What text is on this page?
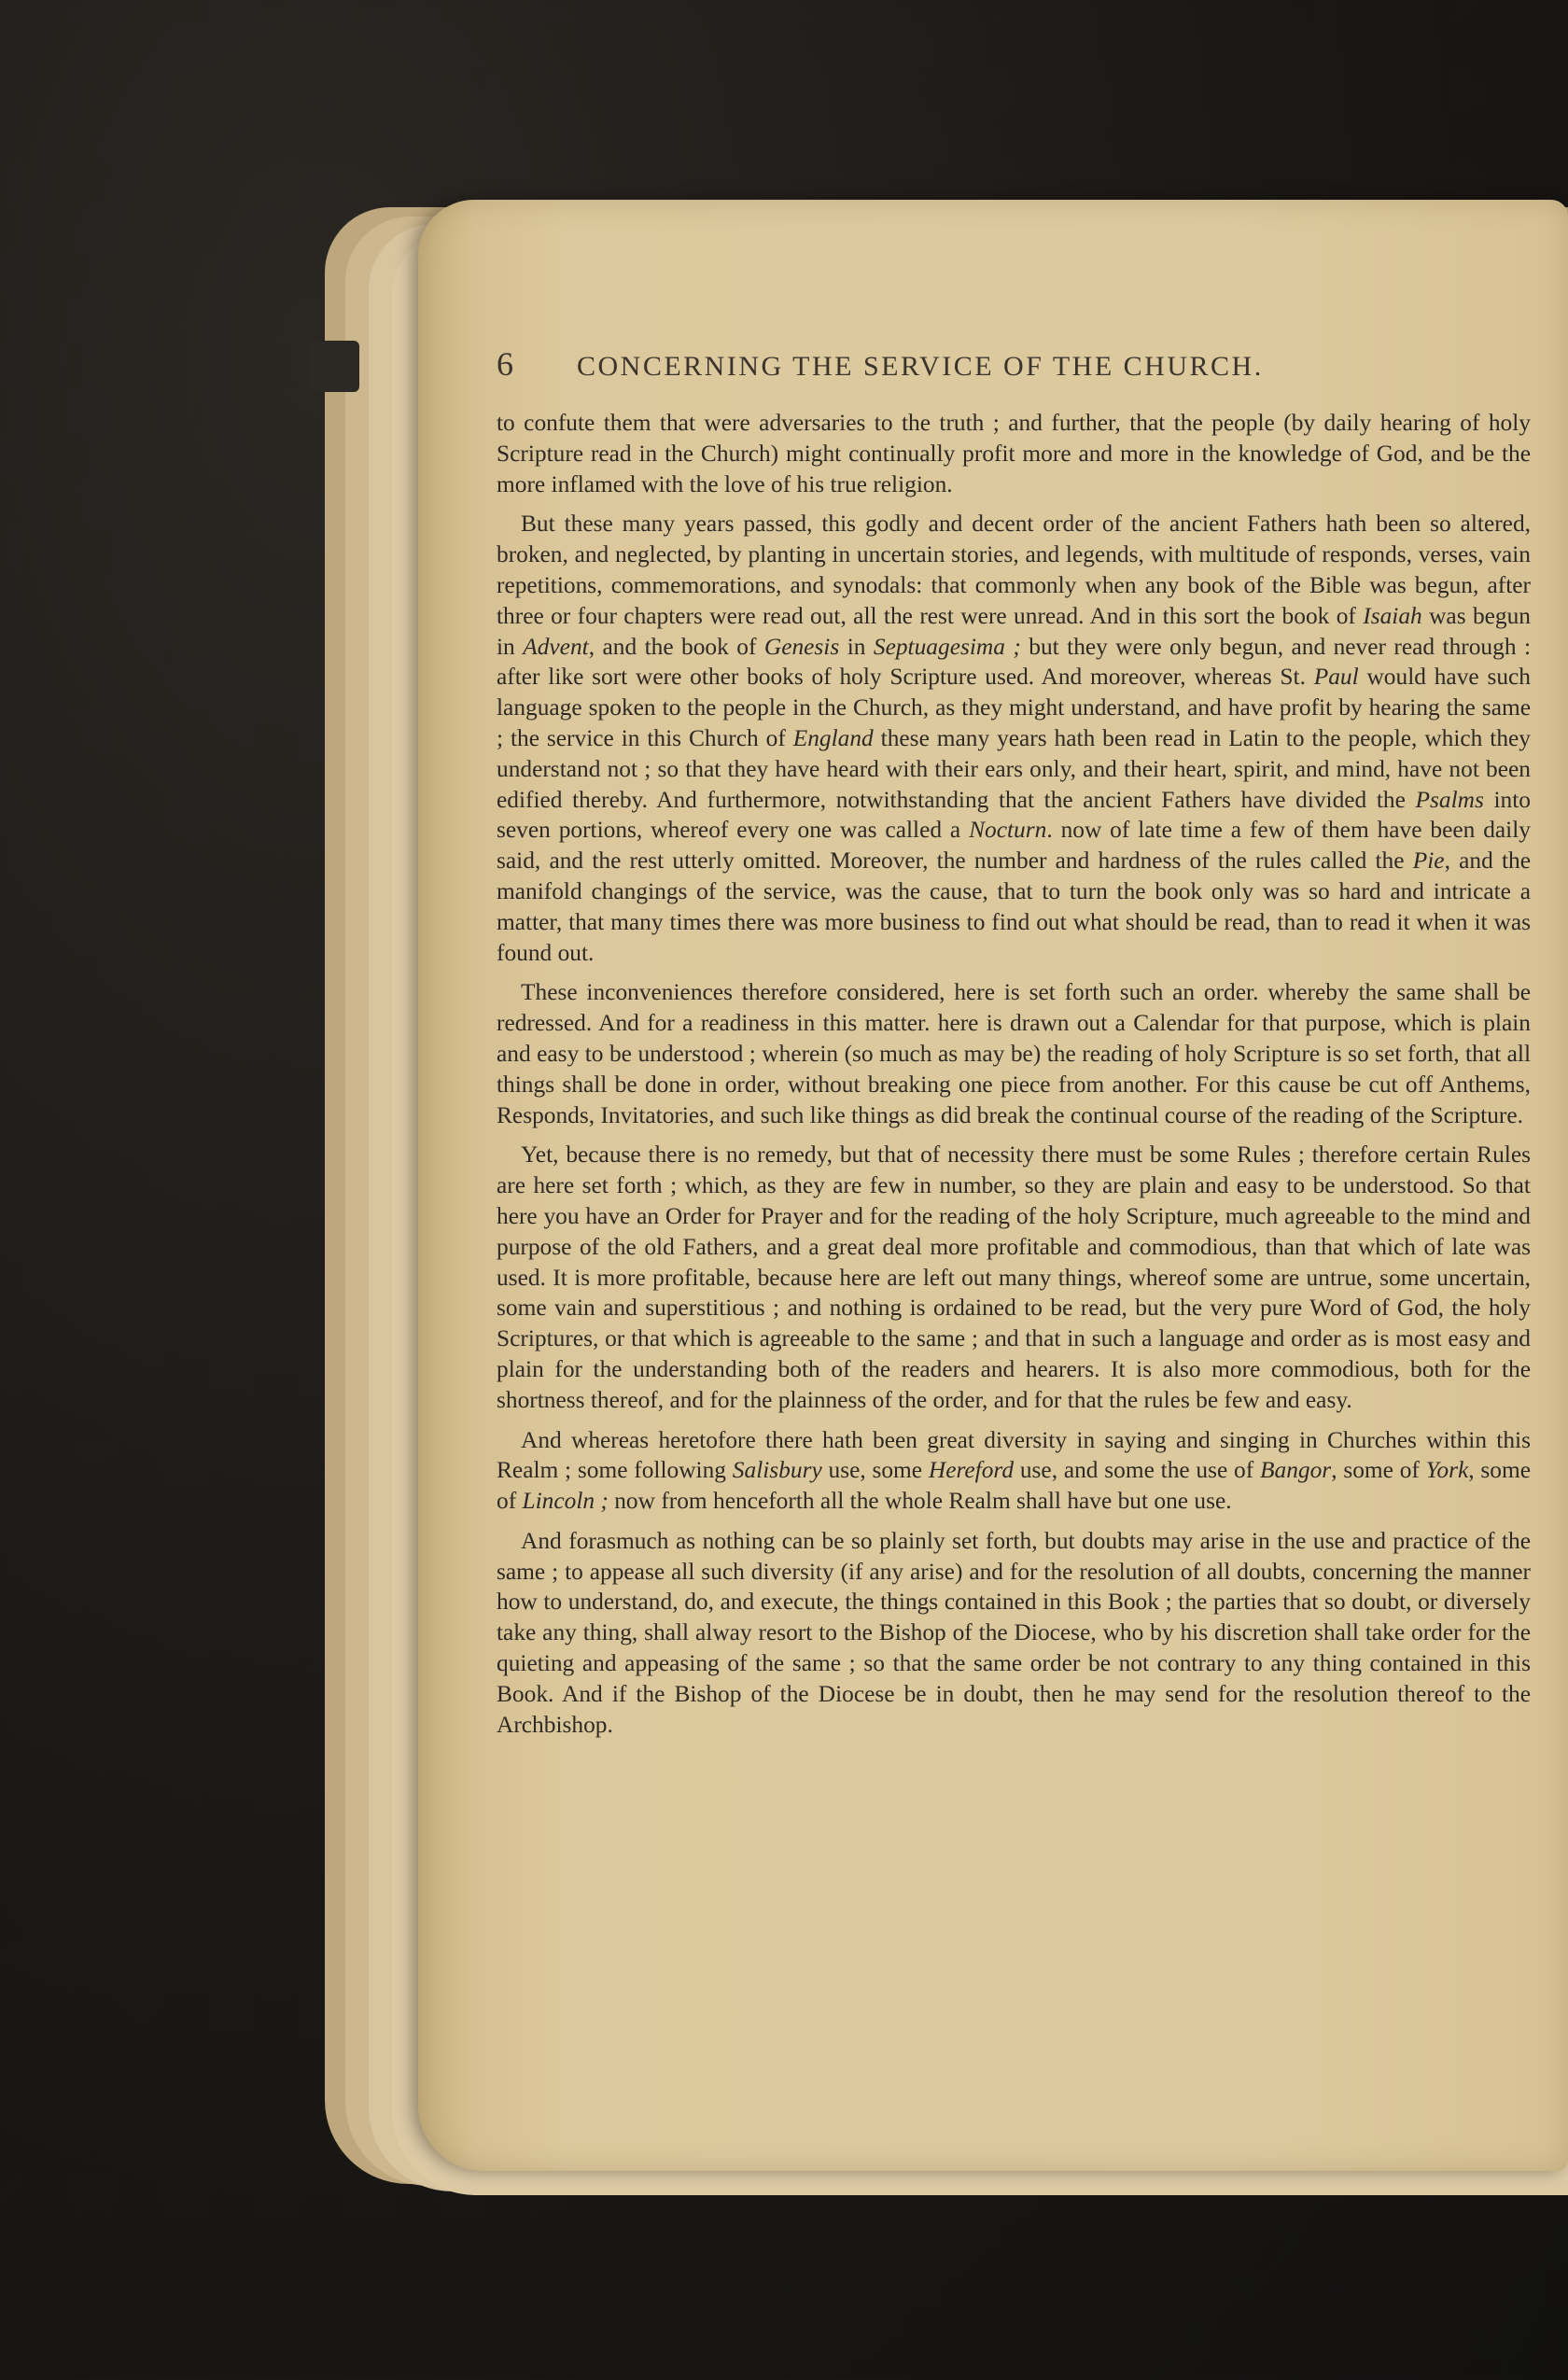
6	CONCERNING THE SERVICE OF THE CHURCH.

to confute them that were adversaries to the truth ; and further, that the people (by daily hearing of holy Scripture read in the Church) might continually profit more and more in the knowledge of God, and be the more inflamed with the love of his true religion.

But these many years passed, this godly and decent order of the ancient Fathers hath been so altered, broken, and neglected, by planting in uncertain stories, and legends, with multitude of responds, verses, vain repetitions, commemorations, and synodals: that commonly when any book of the Bible was begun, after three or four chapters were read out, all the rest were unread. And in this sort the book of Isaiah was begun in Advent, and the book of Genesis in Septuagesima ; but they were only begun, and never read through : after like sort were other books of holy Scripture used. And moreover, whereas St. Paul would have such language spoken to the people in the Church, as they might understand, and have profit by hearing the same ; the service in this Church of England these many years hath been read in Latin to the people, which they understand not ; so that they have heard with their ears only, and their heart, spirit, and mind, have not been edified thereby. And furthermore, notwithstanding that the ancient Fathers have divided the Psalms into seven portions, whereof every one was called a Nocturn. now of late time a few of them have been daily said, and the rest utterly omitted. Moreover, the number and hardness of the rules called the Pie, and the manifold changings of the service, was the cause, that to turn the book only was so hard and intricate a matter, that many times there was more business to find out what should be read, than to read it when it was found out.

These inconveniences therefore considered, here is set forth such an order. whereby the same shall be redressed. And for a readiness in this matter. here is drawn out a Calendar for that purpose, which is plain and easy to be understood ; wherein (so much as may be) the reading of holy Scripture is so set forth, that all things shall be done in order, without breaking one piece from another. For this cause be cut off Anthems, Responds, Invitatories, and such like things as did break the continual course of the reading of the Scripture.

Yet, because there is no remedy, but that of necessity there must be some Rules ; therefore certain Rules are here set forth ; which, as they are few in number, so they are plain and easy to be understood. So that here you have an Order for Prayer and for the reading of the holy Scripture, much agreeable to the mind and purpose of the old Fathers, and a great deal more profitable and commodious, than that which of late was used. It is more profitable, because here are left out many things, whereof some are untrue, some uncertain, some vain and superstitious ; and nothing is ordained to be read, but the very pure Word of God, the holy Scriptures, or that which is agreeable to the same ; and that in such a language and order as is most easy and plain for the understanding both of the readers and hearers. It is also more commodious, both for the shortness thereof, and for the plainness of the order, and for that the rules be few and easy.

And whereas heretofore there hath been great diversity in saying and singing in Churches within this Realm ; some following Salisbury use, some Hereford use, and some the use of Bangor, some of York, some of Lincoln ; now from henceforth all the whole Realm shall have but one use.

And forasmuch as nothing can be so plainly set forth, but doubts may arise in the use and practice of the same ; to appease all such diversity (if any arise) and for the resolution of all doubts, concerning the manner how to understand, do, and execute, the things contained in this Book ; the parties that so doubt, or diversely take any thing, shall alway resort to the Bishop of the Diocese, who by his discretion shall take order for the quieting and appeasing of the same ; so that the same order be not contrary to any thing contained in this Book. And if the Bishop of the Diocese be in doubt, then he may send for the resolution thereof to the Archbishop.
